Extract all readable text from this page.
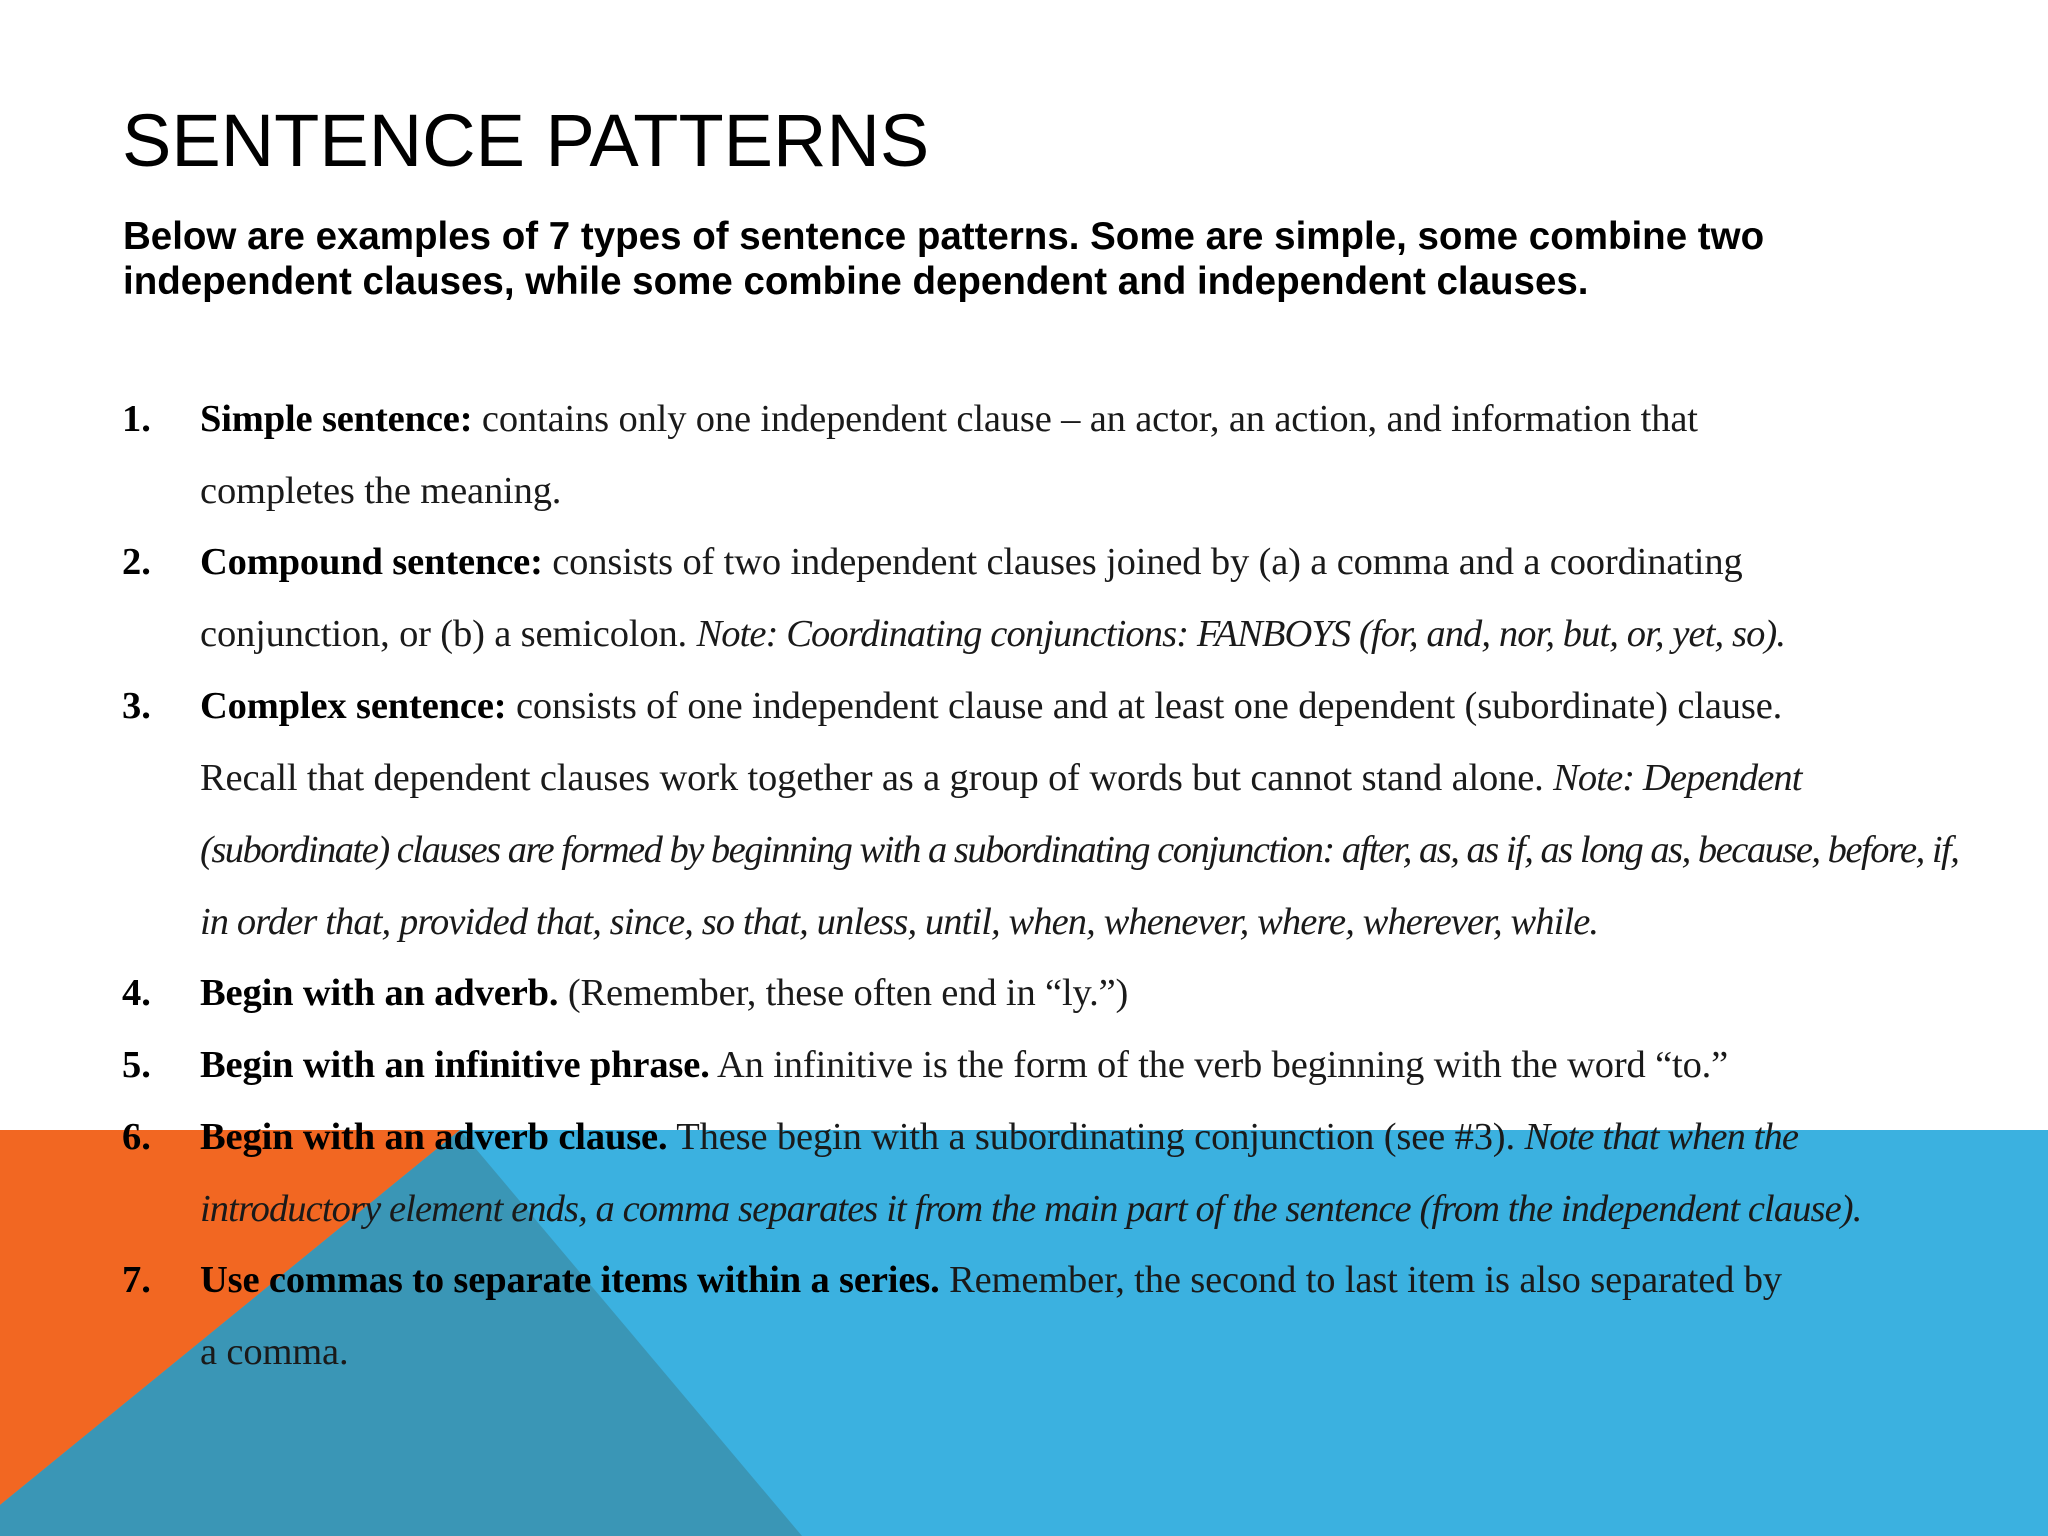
SENTENCE PATTERNS

Below are examples of 7 types of sentence patterns. Some are simple, some combine two independent clauses, while some combine dependent and independent clauses.

1. Simple sentence: contains only one independent clause – an actor, an action, and information that
completes the meaning.
2. Compound sentence: consists of two independent clauses joined by (a) a comma and a coordinating
conjunction, or (b) a semicolon. Note: Coordinating conjunctions: FANBOYS (for, and, nor, but, or, yet, so).
3. Complex sentence: consists of one independent clause and at least one dependent (subordinate) clause.
Recall that dependent clauses work together as a group of words but cannot stand alone. Note: Dependent
(subordinate) clauses are formed by beginning with a subordinating conjunction: after, as, as if, as long as, because, before, if,
in order that, provided that, since, so that, unless, until, when, whenever, where, wherever, while.
4. Begin with an adverb. (Remember, these often end in “ly.”)
5. Begin with an infinitive phrase. An infinitive is the form of the verb beginning with the word “to.”
6. Begin with an adverb clause. These begin with a subordinating conjunction (see #3). Note that when the
introductory element ends, a comma separates it from the main part of the sentence (from the independent clause).
7. Use commas to separate items within a series. Remember, the second to last item is also separated by
a comma.
